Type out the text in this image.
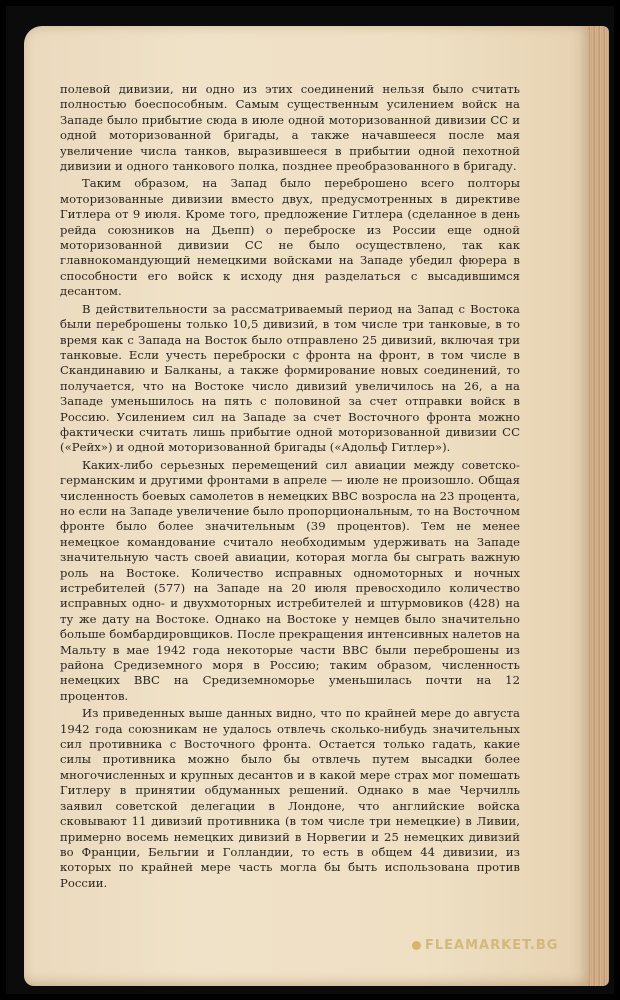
полевой дивизии, ни одно из этих соединений нельзя было считать полностью боеспособным. Самым существенным усилением войск на Западе было прибытие сюда в июле одной моторизованной дивизии СС и одной моторизованной бригады, а также начавшееся после мая увеличение числа танков, выразившееся в прибытии одной пехотной дивизии и одного танкового полка, позднее преобразованного в бригаду.

Таким образом, на Запад было переброшено всего полторы моторизованные дивизии вместо двух, предусмотренных в директиве Гитлера от 9 июля. Кроме того, предложение Гитлера (сделанное в день рейда союзников на Дьепп) о переброске из России еще одной моторизованной дивизии СС не было осуществлено, так как главнокомандующий немецкими войсками на Западе убедил фюрера в способности его войск к исходу дня разделаться с высадившимся десантом.

В действительности за рассматриваемый период на Запад с Востока были переброшены только 10,5 дивизий, в том числе три танковые, в то время как с Запада на Восток было отправлено 25 дивизий, включая три танковые. Если учесть переброски с фронта на фронт, в том числе в Скандинавию и Балканы, а также формирование новых соединений, то получается, что на Востоке число дивизий увеличилось на 26, а на Западе уменьшилось на пять с половиной за счет отправки войск в Россию. Усилением сил на Западе за счет Восточного фронта можно фактически считать лишь прибытие одной моторизованной дивизии СС («Рейх») и одной моторизованной бригады («Адольф Гитлер»).

Каких-либо серьезных перемещений сил авиации между советско-германским и другими фронтами в апреле — июле не произошло. Общая численность боевых самолетов в немецких ВВС возросла на 23 процента, но если на Западе увеличение было пропорциональным, то на Восточном фронте было более значительным (39 процентов). Тем не менее немецкое командование считало необходимым удерживать на Западе значительную часть своей авиации, которая могла бы сыграть важную роль на Востоке. Количество исправных одномоторных и ночных истребителей (577) на Западе на 20 июля превосходило количество исправных одно- и двухмоторных истребителей и штурмовиков (428) на ту же дату на Востоке. Однако на Востоке у немцев было значительно больше бомбардировщиков. После прекращения интенсивных налетов на Мальту в мае 1942 года некоторые части ВВС были переброшены из района Средиземного моря в Россию; таким образом, численность немецких ВВС на Средиземноморье уменьшилась почти на 12 процентов.

Из приведенных выше данных видно, что по крайней мере до августа 1942 года союзникам не удалось отвлечь сколько-нибудь значительных сил противника с Восточного фронта. Остается только гадать, какие силы противника можно было бы отвлечь путем высадки более многочисленных и крупных десантов и в какой мере страх мог помешать Гитлеру в принятии обдуманных решений. Однако в мае Черчилль заявил советской делегации в Лондоне, что английские войска сковывают 11 дивизий противника (в том числе три немецкие) в Ливии, примерно восемь немецких дивизий в Норвегии и 25 немецких дивизий во Франции, Бельгии и Голландии, то есть в общем 44 дивизии, из которых по крайней мере часть могла бы быть использована против России.

FLEAMARKET.BG
